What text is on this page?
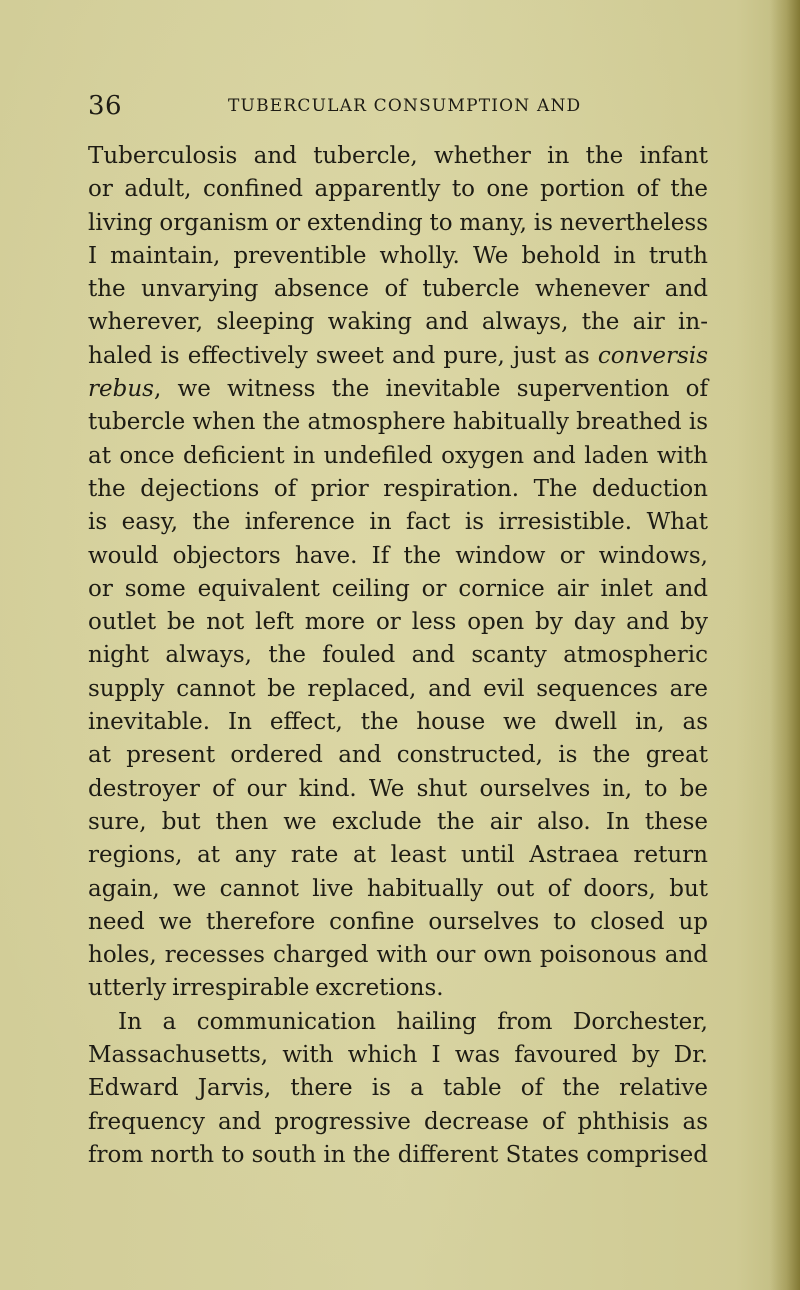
36	TUBERCULAR CONSUMPTION AND
Tuberculosis and tubercle, whether in the infant
or adult, confined apparently to one portion of the
living organism or extending to many, is nevertheless
I maintain, preventible wholly. We behold in truth
the unvarying absence of tubercle whenever and
wherever, sleeping waking and always, the air in-
haled is effectively sweet and pure, just as conversis
rebus, we witness the inevitable supervention of
tubercle when the atmosphere habitually breathed is
at once deficient in undefiled oxygen and laden with
the dejections of prior respiration. The deduction
is easy, the inference in fact is irresistible. What
would objectors have. If the window or windows,
or some equivalent ceiling or cornice air inlet and
outlet be not left more or less open by day and by
night always, the fouled and scanty atmospheric
supply cannot be replaced, and evil sequences are
inevitable. In effect, the house we dwell in, as
at present ordered and constructed, is the great
destroyer of our kind. We shut ourselves in, to be
sure, but then we exclude the air also. In these
regions, at any rate at least until Astraea return
again, we cannot live habitually out of doors, but
need we therefore confine ourselves to closed up
holes, recesses charged with our own poisonous and
utterly irrespirable excretions.
In a communication hailing from Dorchester,
Massachusetts, with which I was favoured by Dr.
Edward Jarvis, there is a table of the relative
frequency and progressive decrease of phthisis as
from north to south in the different States comprised
